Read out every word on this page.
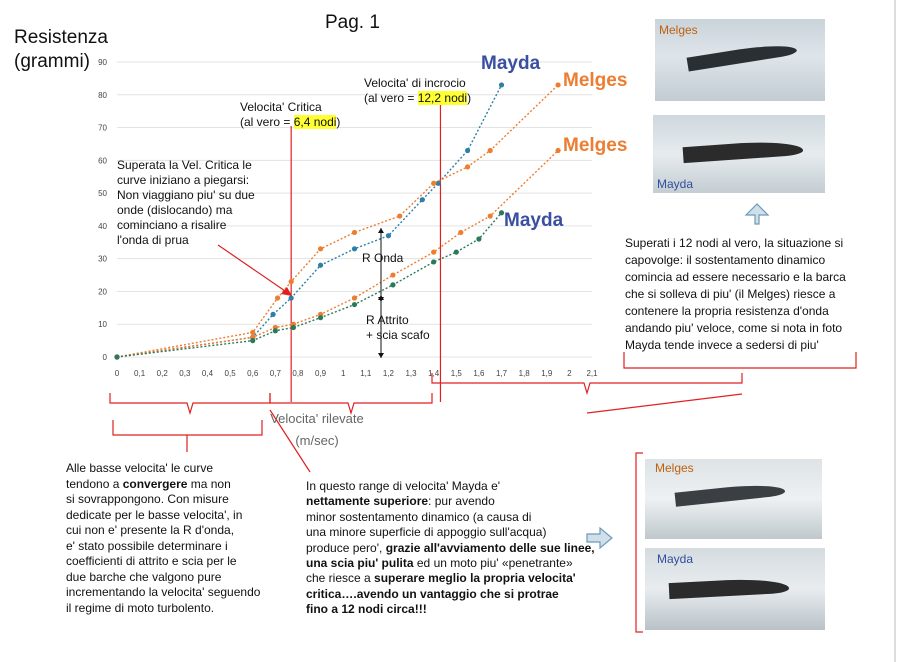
Pag. 1
Resistenza
(grammi)
0
10
20
30
40
50
60
70
80
90
0 0,1 0,2 0,3 0,4 0,5 0,6 0,7 0,8 0,9 1 1,1 1,2 1,3 1,4 1,5 1,6 1,7 1,8 1,9 2 2,1
Velocita' Critica
(al vero = 6,4 nodi)
Velocita' di incrocio
(al vero = 12,2 nodi)
Superata la Vel. Critica le
curve iniziano a piegarsi:
Non viaggiano piu' su due
onde (dislocando) ma
cominciano a risalire
l'onda di prua
R Onda
R Attrito
+ scia scafo
Mayda
Melges
Melges
Mayda
Velocita' rilevate
(m/sec)
Melges
Mayda
Melges
Mayda
Superati i 12 nodi al vero, la situazione si
capovolge: il sostentamento dinamico
comincia ad essere necessario e la barca
che si solleva di piu' (il Melges) riesce a
contenere la propria resistenza d'onda
andando piu' veloce, come si nota in foto
Mayda tende invece a sedersi di piu'
Alle basse velocita' le curve
tendono a convergere ma non
si sovrappongono. Con misure
dedicate per le basse velocita', in
cui non e' presente la R d'onda,
e' stato possibile determinare i
coefficienti di attrito e scia per le
due barche che valgono pure
incrementando la velocita' seguendo
il regime di moto turbolento.
In questo range di velocita' Mayda e'
nettamente superiore: pur avendo
minor sostentamento dinamico (a causa di
una minore superficie di appoggio sull'acqua)
produce pero', grazie all'avviamento delle sue linee,
una scia piu' pulita ed un moto piu' «penetrante»
che riesce a superare meglio la propria velocita'
critica….avendo un vantaggio che si protrae
fino a 12 nodi circa!!!
